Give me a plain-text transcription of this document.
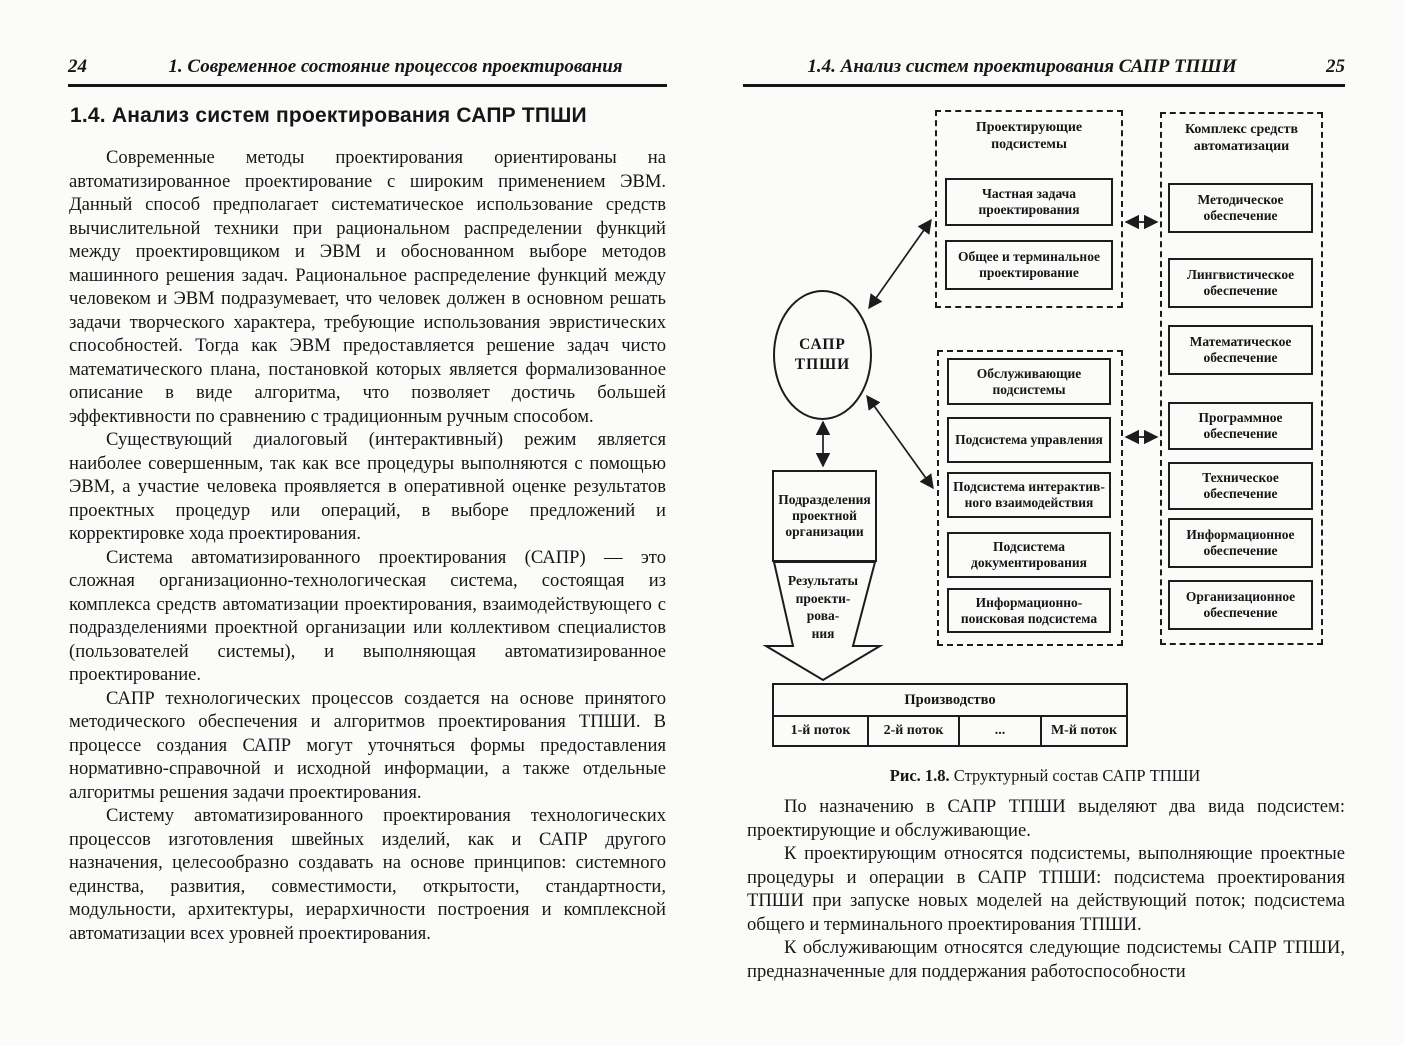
24	1. Современное состояние процессов проектирования
1.4. Анализ систем проектирования САПР ТПШИ

Современные методы проектирования ориентированы на автоматизированное проектирование с широким применением ЭВМ. Данный способ предполагает систематическое использование средств вычислительной техники при рациональном распределении функций между проектировщиком и ЭВМ и обоснованном выборе методов машинного решения задач. Рациональное распределение функций между человеком и ЭВМ подразумевает, что человек должен в основном решать задачи творческого характера, требующие использования эвристических способностей. Тогда как ЭВМ предоставляется решение задач чисто математического плана, постановкой которых является формализованное описание в виде алгоритма, что позволяет достичь большей эффективности по сравнению с традиционным ручным способом.

Существующий диалоговый (интерактивный) режим является наиболее совершенным, так как все процедуры выполняются с помощью ЭВМ, а участие человека проявляется в оперативной оценке результатов проектных процедур или операций, в выборе предложений и корректировке хода проектирования.

Система автоматизированного проектирования (САПР) — это сложная организационно-технологическая система, состоящая из комплекса средств автоматизации проектирования, взаимодействующего с подразделениями проектной организации или коллективом специалистов (пользователей системы), и выполняющая автоматизированное проектирование.

САПР технологических процессов создается на основе принятого методического обеспечения и алгоритмов проектирования ТПШИ. В процессе создания САПР могут уточняться формы предоставления нормативно-справочной и исходной информации, а также отдельные алгоритмы решения задачи проектирования.

Систему автоматизированного проектирования технологических процессов изготовления швейных изделий, как и САПР другого назначения, целесообразно создавать на основе принципов: системного единства, развития, совместимости, открытости, стандартности, модульности, архитектуры, иерархичности построения и комплексной автоматизации всех уровней проектирования.

1.4. Анализ систем проектирования САПР ТПШИ	25
САПР
ТПШИ
Проектирующие подсистемы
Частная задача проектирования
Общее и терминальное проектирование
Обслуживающие подсистемы
Подсистема управления
Подсистема интерактивного взаимодействия
Подсистема документирования
Информационно-поисковая подсистема
Комплекс средств автоматизации
Методическое обеспечение
Лингвистическое обеспечение
Математическое обеспечение
Программное обеспечение
Техническое обеспечение
Информационное обеспечение
Организационное обеспечение
Подразделения проектной организации
Результаты
проекти-
рова-
ния
Производство
1-й поток	2-й поток	...	М-й поток
Рис. 1.8. Структурный состав САПР ТПШИ

По назначению в САПР ТПШИ выделяют два вида подсистем: проектирующие и обслуживающие.

К проектирующим относятся подсистемы, выполняющие проектные процедуры и операции в САПР ТПШИ: подсистема проектирования ТПШИ при запуске новых моделей на действующий поток; подсистема общего и терминального проектирования ТПШИ.

К обслуживающим относятся следующие подсистемы САПР ТПШИ, предназначенные для поддержания работоспособности
